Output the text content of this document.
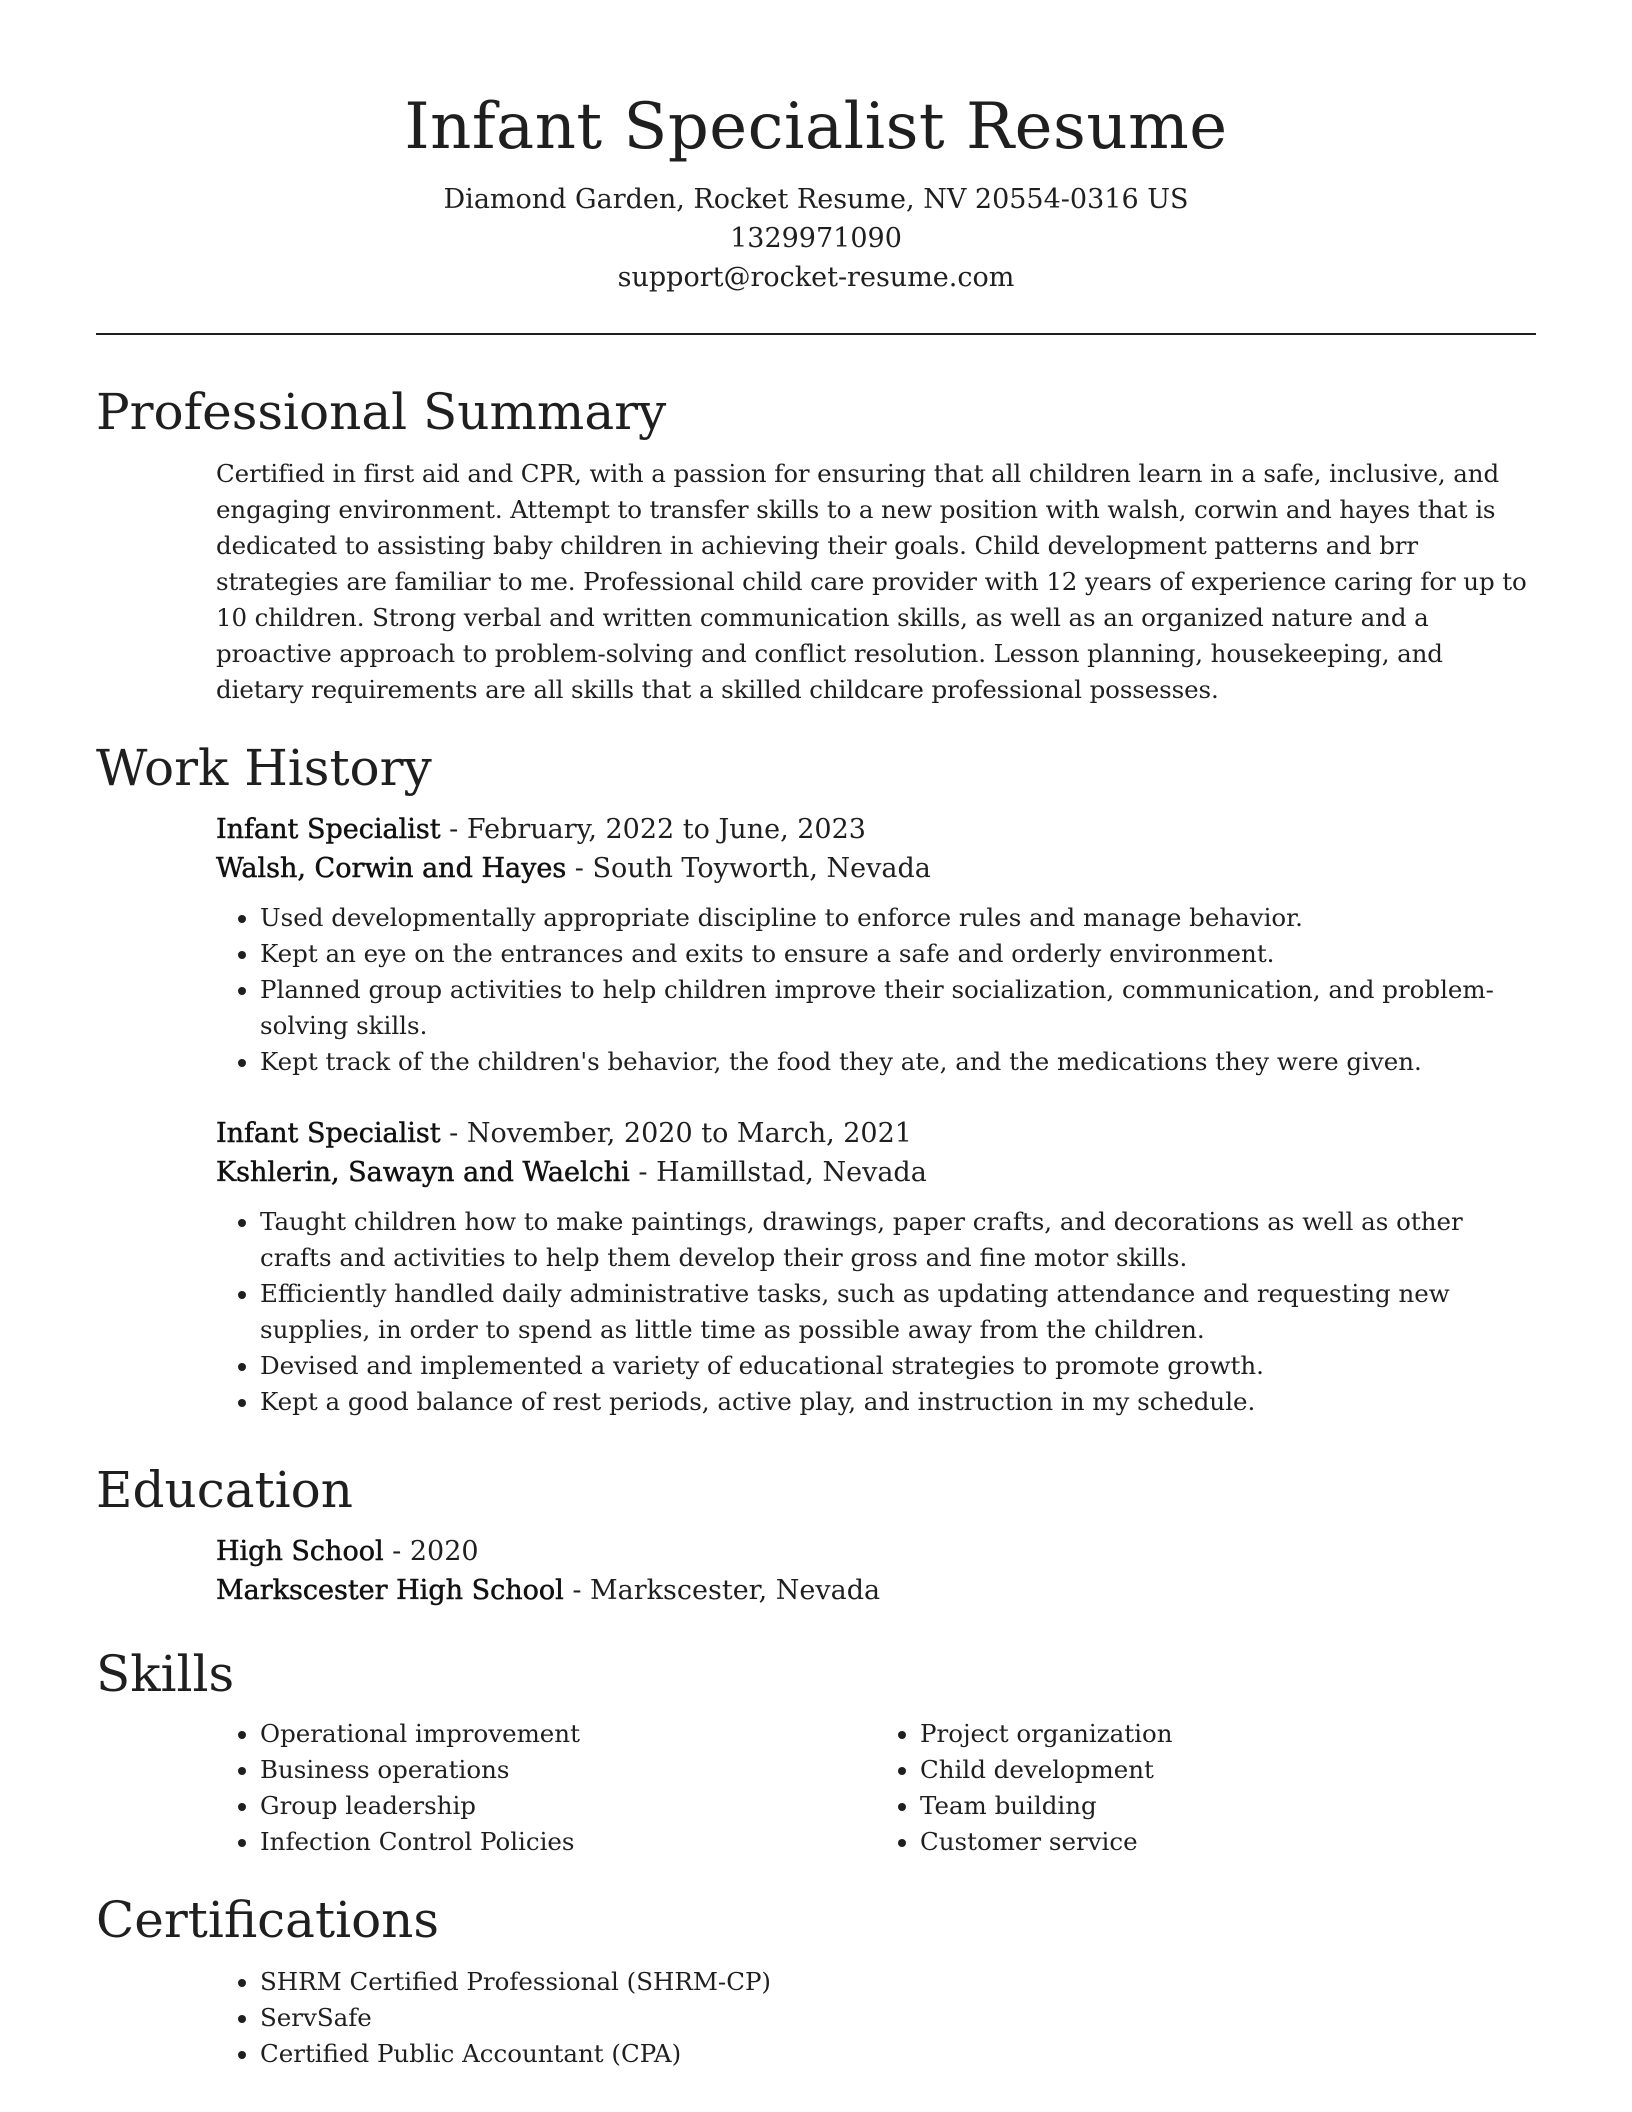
Infant Specialist Resume
Diamond Garden, Rocket Resume, NV 20554-0316 US
1329971090
support@rocket-resume.com
Professional Summary

Certified in first aid and CPR, with a passion for ensuring that all children learn in a safe, inclusive, and engaging environment. Attempt to transfer skills to a new position with walsh, corwin and hayes that is dedicated to assisting baby children in achieving their goals. Child development patterns and brr strategies are familiar to me. Professional child care provider with 12 years of experience caring for up to 10 children. Strong verbal and written communication skills, as well as an organized nature and a proactive approach to problem-solving and conflict resolution. Lesson planning, housekeeping, and dietary requirements are all skills that a skilled childcare professional possesses.

Work History
Infant Specialist - February, 2022 to June, 2023
Walsh, Corwin and Hayes - South Toyworth, Nevada
• Used developmentally appropriate discipline to enforce rules and manage behavior.
• Kept an eye on the entrances and exits to ensure a safe and orderly environment.
• Planned group activities to help children improve their socialization, communication, and problem-solving skills.
• Kept track of the children's behavior, the food they ate, and the medications they were given.
Infant Specialist - November, 2020 to March, 2021
Kshlerin, Sawayn and Waelchi - Hamillstad, Nevada
• Taught children how to make paintings, drawings, paper crafts, and decorations as well as other crafts and activities to help them develop their gross and fine motor skills.
• Efficiently handled daily administrative tasks, such as updating attendance and requesting new supplies, in order to spend as little time as possible away from the children.
• Devised and implemented a variety of educational strategies to promote growth.
• Kept a good balance of rest periods, active play, and instruction in my schedule.
Education
High School - 2020
Markscester High School - Markscester, Nevada
Skills
• Operational improvement
• Business operations
• Group leadership
• Infection Control Policies
• Project organization
• Child development
• Team building
• Customer service
Certifications
• SHRM Certified Professional (SHRM-CP)
• ServSafe
• Certified Public Accountant (CPA)
